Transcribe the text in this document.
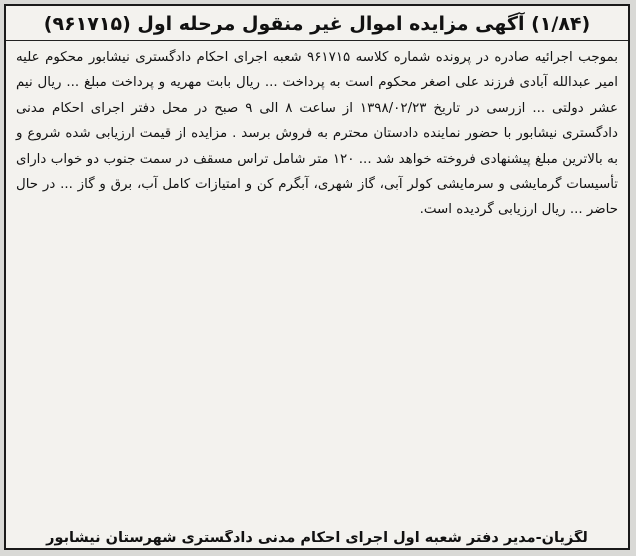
(۱/۸۴) آگهی مزایده اموال غیر منقول مرحله اول (۹۶۱۷۱۵)
بموجب اجرائیه صادره در پرونده شماره کلاسه ۹۶۱۷۱۵ شعبه اجرای احکام دادگستری نیشابور محکوم علیه امیر عبدالله آبادی فرزند علی اصغر محکوم است به پرداخت ... ریال بابت مهریه و پرداخت مبلغ ... ریال نیم عشر دولتی ... ازرسی در تاریخ ۱۳۹۸/۰۲/۲۳ از ساعت ۸ الی ۹ صبح در محل دفتر اجرای احکام مدنی دادگستری نیشابور با حضور نماینده دادستان محترم به فروش برسد . مزایده از قیمت ارزیابی شده شروع و به بالاترین مبلغ پیشنهادی فروخته خواهد شد ... ۱۲۰ متر شامل تراس مسقف در سمت جنوب دو خواب دارای تأسیسات گرمایشی و سرمایشی کولر آبی، گاز شهری، آبگرم کن و امتیازات کامل آب، برق و گاز ... در حال حاضر ... ریال ارزیابی گردیده است.
لگزیان-مدیر دفتر شعبه اول اجرای احکام مدنی دادگستری شهرستان نیشابور
